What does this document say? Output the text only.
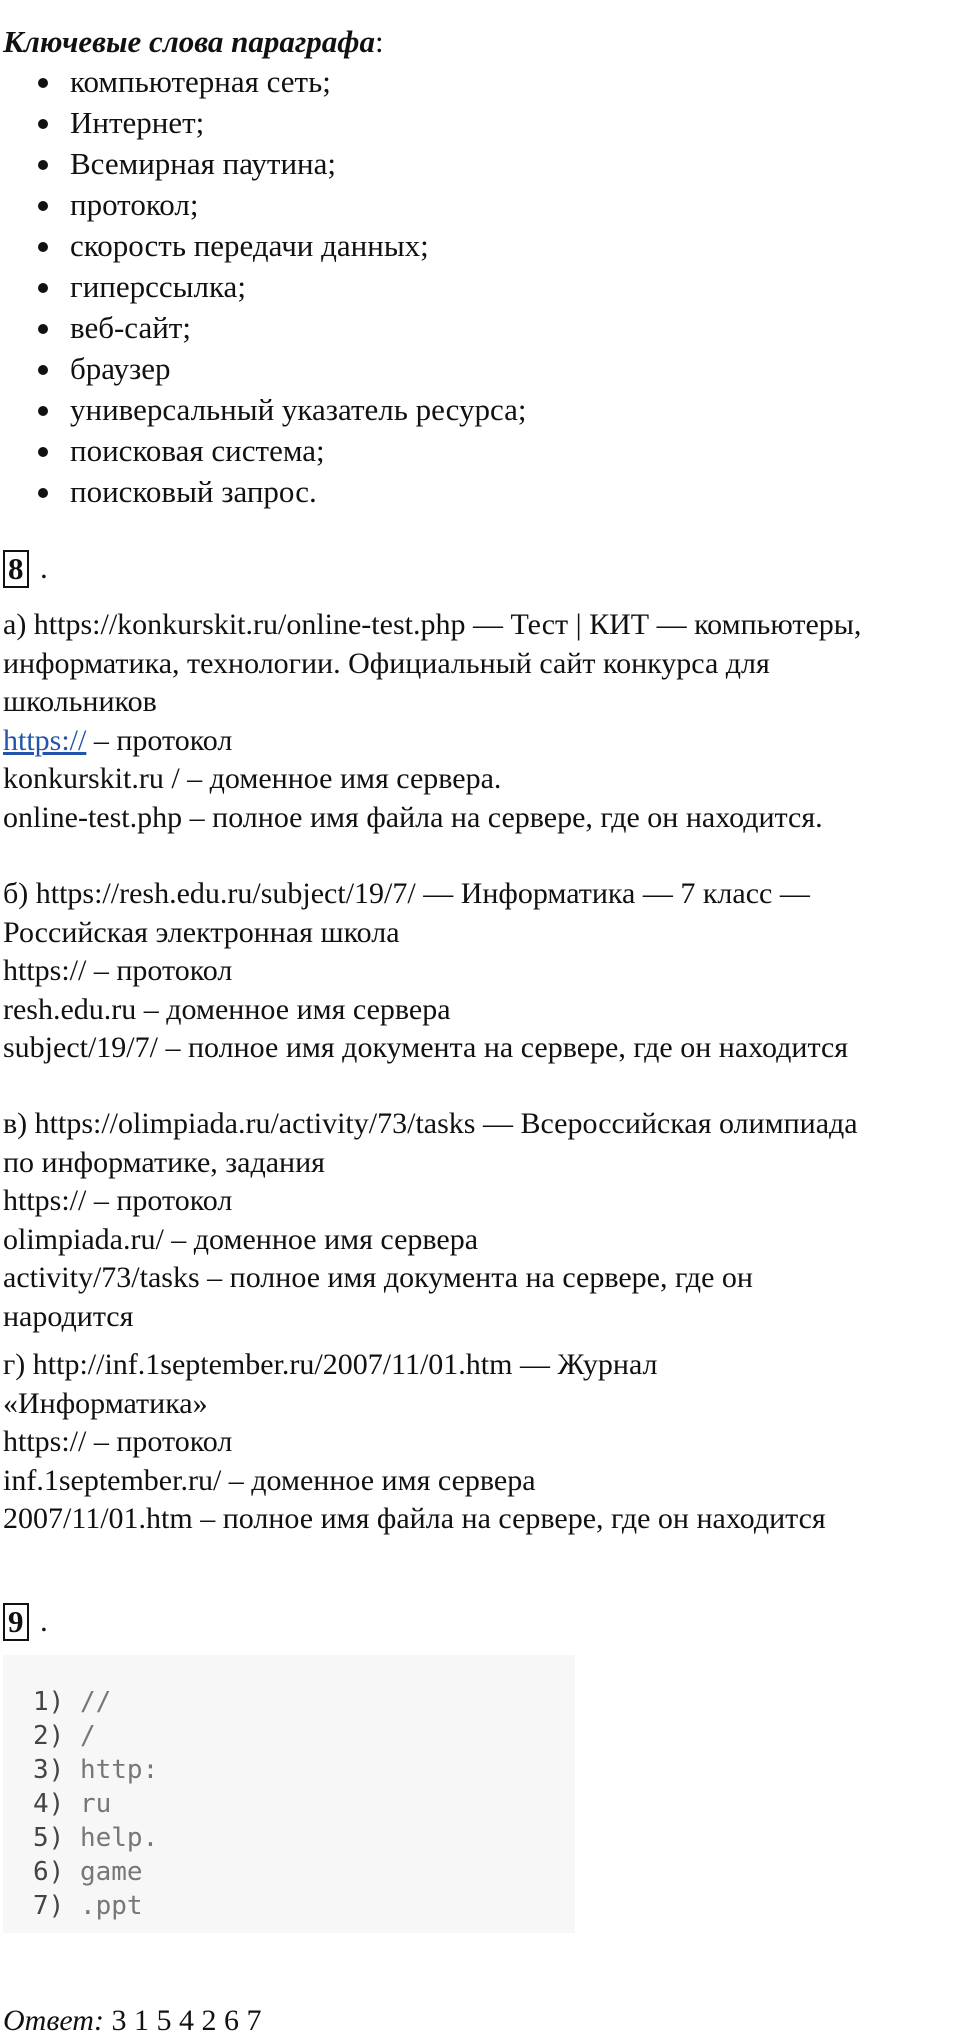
Ключевые слова параграфа:
компьютерная сеть;
Интернет;
Всемирная паутина;
протокол;
скорость передачи данных;
гиперссылка;
веб-сайт;
браузер
универсальный указатель ресурса;
поисковая система;
поисковый запрос.
8 .
а) https://konkurskit.ru/online-test.php — Тест | КИТ — компьютеры,
информатика, технологии. Официальный сайт конкурса для
школьников
https:// – протокол
konkurskit.ru / – доменное имя сервера.
online-test.php – полное имя файла на сервере, где он находится.
б) https://resh.edu.ru/subject/19/7/ — Информатика — 7 класс —
Российская электронная школа
https:// – протокол
resh.edu.ru – доменное имя сервера
subject/19/7/ – полное имя документа на сервере, где он находится
в) https://olimpiada.ru/activity/73/tasks — Всероссийская олимпиада
по информатике, задания
https:// – протокол
olimpiada.ru/ – доменное имя сервера
activity/73/tasks – полное имя документа на сервере, где он
народится
г) http://inf.1september.ru/2007/11/01.htm — Журнал
«Информатика»
https:// – протокол
inf.1september.ru/ – доменное имя сервера
2007/11/01.htm – полное имя файла на сервере, где он находится
9 .
1) //
2) /
3) http:
4) ru
5) help.
6) game
7) .ppt
Ответ: 3 1 5 4 2 6 7
